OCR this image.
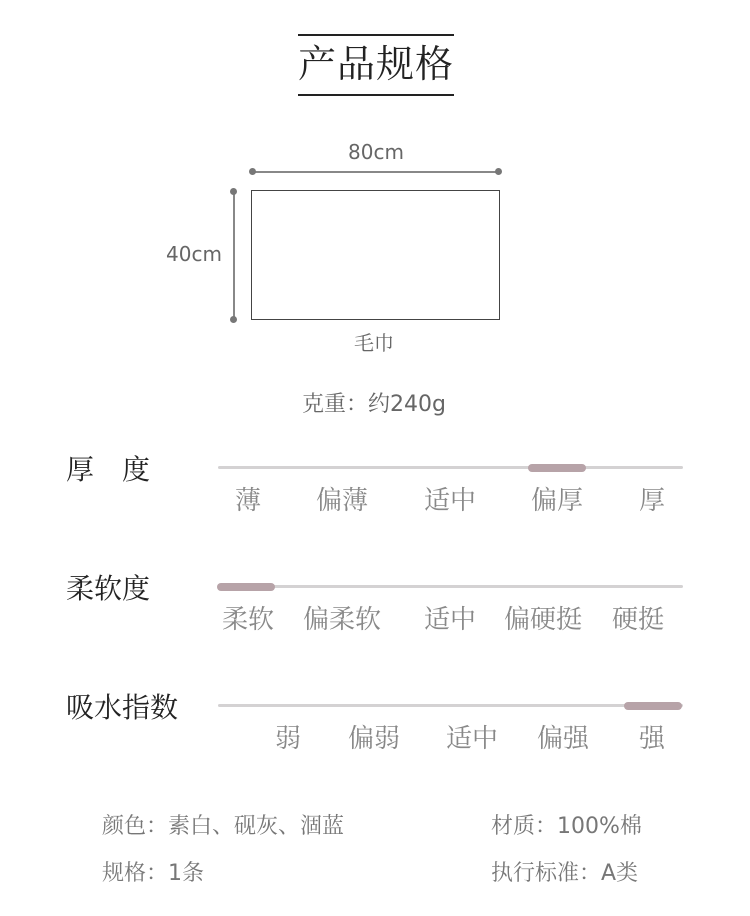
产品规格
80cm
40cm
毛巾
克重：约240g
厚　度
薄	偏薄	适中	偏厚	厚
柔软度
柔软	偏柔软	适中	偏硬挺	硬挺
吸水指数
弱	偏弱	适中	偏强	强
颜色：素白、砚灰、涸蓝	材质：100%棉
规格：1条	执行标准：A类
